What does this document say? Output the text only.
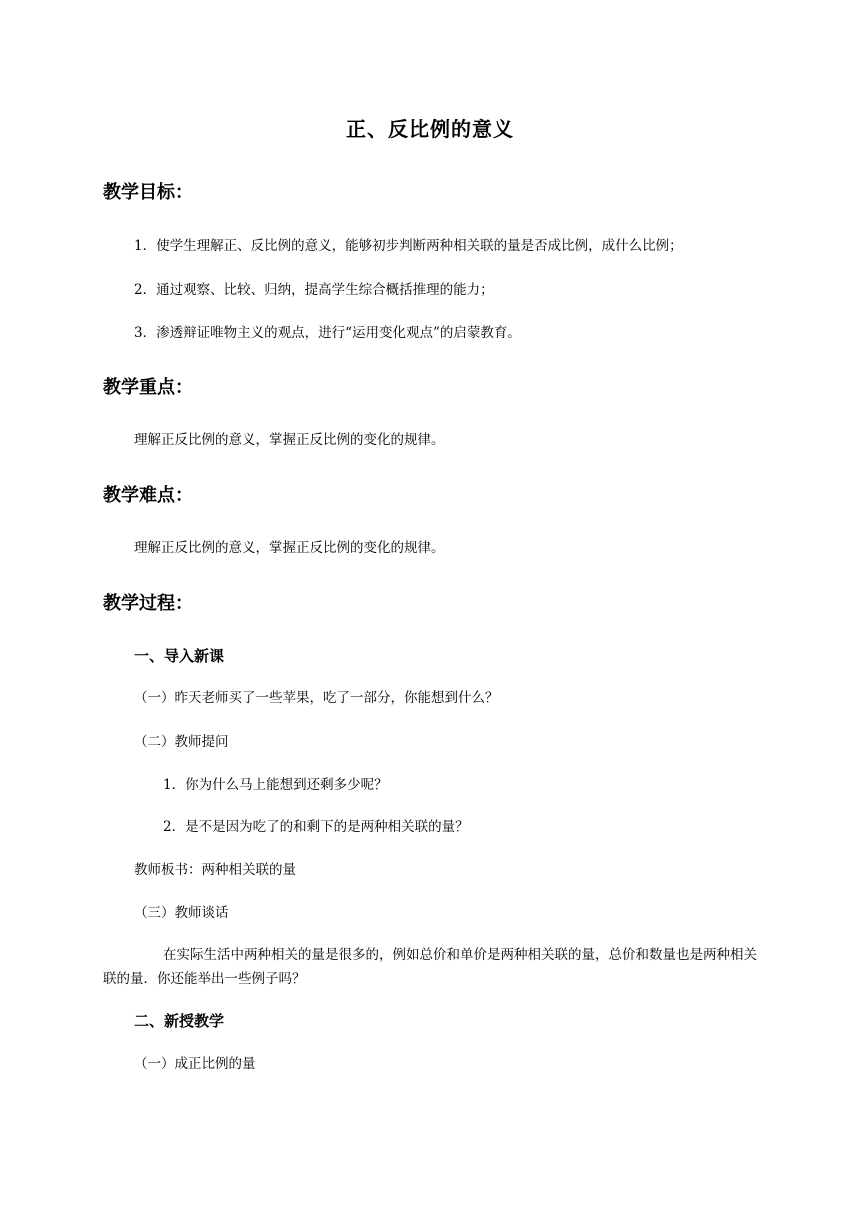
正、反比例的意义
教学目标：
1．使学生理解正、反比例的意义，能够初步判断两种相关联的量是否成比例，成什么比例；
2．通过观察、比较、归纳，提高学生综合概括推理的能力；
3．渗透辩证唯物主义的观点，进行“运用变化观点”的启蒙教育。
教学重点：
理解正反比例的意义，掌握正反比例的变化的规律。
教学难点：
理解正反比例的意义，掌握正反比例的变化的规律。
教学过程：
一、导入新课
（一）昨天老师买了一些苹果，吃了一部分，你能想到什么？
（二）教师提问
1．你为什么马上能想到还剩多少呢？
2．是不是因为吃了的和剩下的是两种相关联的量？
教师板书：两种相关联的量
（三）教师谈话
在实际生活中两种相关的量是很多的，例如总价和单价是两种相关联的量，总价和数量也是两种相关联的量．你还能举出一些例子吗？
二、新授教学
（一）成正比例的量
